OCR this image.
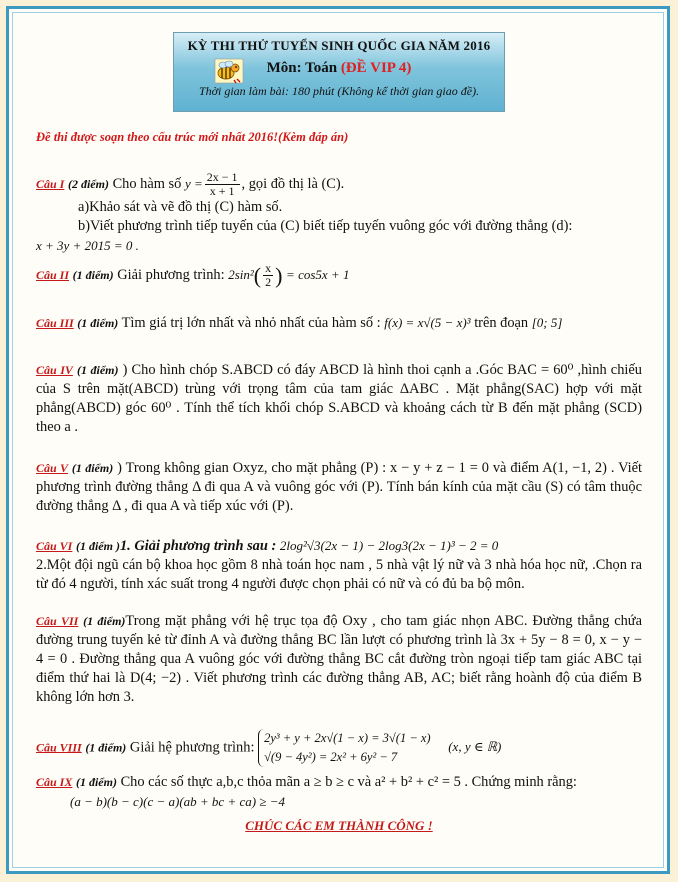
KỲ THI THỬ TUYỂN SINH QUỐC GIA NĂM 2016
Môn: Toán (ĐỀ VIP 4)
Thời gian làm bài: 180 phút (Không kể thời gian giao đề).
Đề thi được soạn theo cấu trúc mới nhất 2016!(Kèm đáp án)

Câu I (2 điểm) Cho hàm số $y = \frac{2x - 1}{x + 1}$ , gọi đồ thị là (C).

a)Khảo sát và vẽ đồ thị (C) hàm số.

b)Viết phương trình tiếp tuyến của (C) biết tiếp tuyến vuông góc với đường thẳng (d):

x + 3y + 2015 = 0 .

Câu II (1 điểm) Giải phương trình: $2\sin^2( \frac{x}{2}$ ) = cos5x + 1

Câu III (1 điểm) Tìm giá trị lớn nhất và nhỏ nhất của hàm số : f(x) = x√(5 − x)³ trên đoạn [0; 5]

Câu IV (1 điểm) ) Cho hình chóp S.ABCD có đáy ABCD là hình thoi cạnh a .Góc BAC = 60⁰ ,hình chiếu của S trên mặt(ABCD) trùng với trọng tâm của tam giác ΔABC . Mặt phẳng(SAC) hợp với mặt phẳng(ABCD) góc 60⁰ . Tính thể tích khối chóp S.ABCD và khoảng cách từ B đến mặt phẳng (SCD) theo a .

Câu V (1 điểm) ) Trong không gian Oxyz, cho mặt phẳng (P) : x − y + z − 1 = 0 và điểm A(1, −1, 2) . Viết phương trình đường thẳng Δ đi qua A và vuông góc với (P). Tính bán kính của mặt cầu (S) có tâm thuộc đường thẳng Δ , đi qua A và tiếp xúc với (P).

Câu VI (1 điểm )1. Giải phương trình sau : 2log²√3(2x − 1) − 2log3(2x − 1)³ − 2 = 0

2.Một đội ngũ cán bộ khoa học gồm 8 nhà toán học nam , 5 nhà vật lý nữ và 3 nhà hóa học nữ, .Chọn ra từ đó 4 người, tính xác suất trong 4 người được chọn phải có nữ và có đủ ba bộ môn.

Câu VII (1 điểm)Trong mặt phẳng với hệ trục tọa độ Oxy , cho tam giác nhọn ABC. Đường thẳng chứa đường trung tuyến kẻ từ đỉnh A và đường thẳng BC lần lượt có phương trình là 3x + 5y − 8 = 0, x − y − 4 = 0 . Đường thẳng qua A vuông góc với đường thẳng BC cắt đường tròn ngoại tiếp tam giác ABC tại điểm thứ hai là D(4; −2) . Viết phương trình các đường thẳng AB, AC; biết rằng hoành độ của điểm B không lớn hơn 3.

Câu VIII (1 điểm) Giải hệ phương trình:
2y³ + y + 2x√(1 − x) = 3√(1 − x)
√(9 − 4y²) = 2x² + 6y² − 7
(x, y ∈ ℝ)

Câu IX (1 điểm) Cho các số thực a,b,c thỏa mãn a ≥ b ≥ c và a² + b² + c² = 5 . Chứng minh rằng:

(a − b)(b − c)(c − a)(ab + bc + ca) ≥ −4

CHÚC CÁC EM THÀNH CÔNG !
